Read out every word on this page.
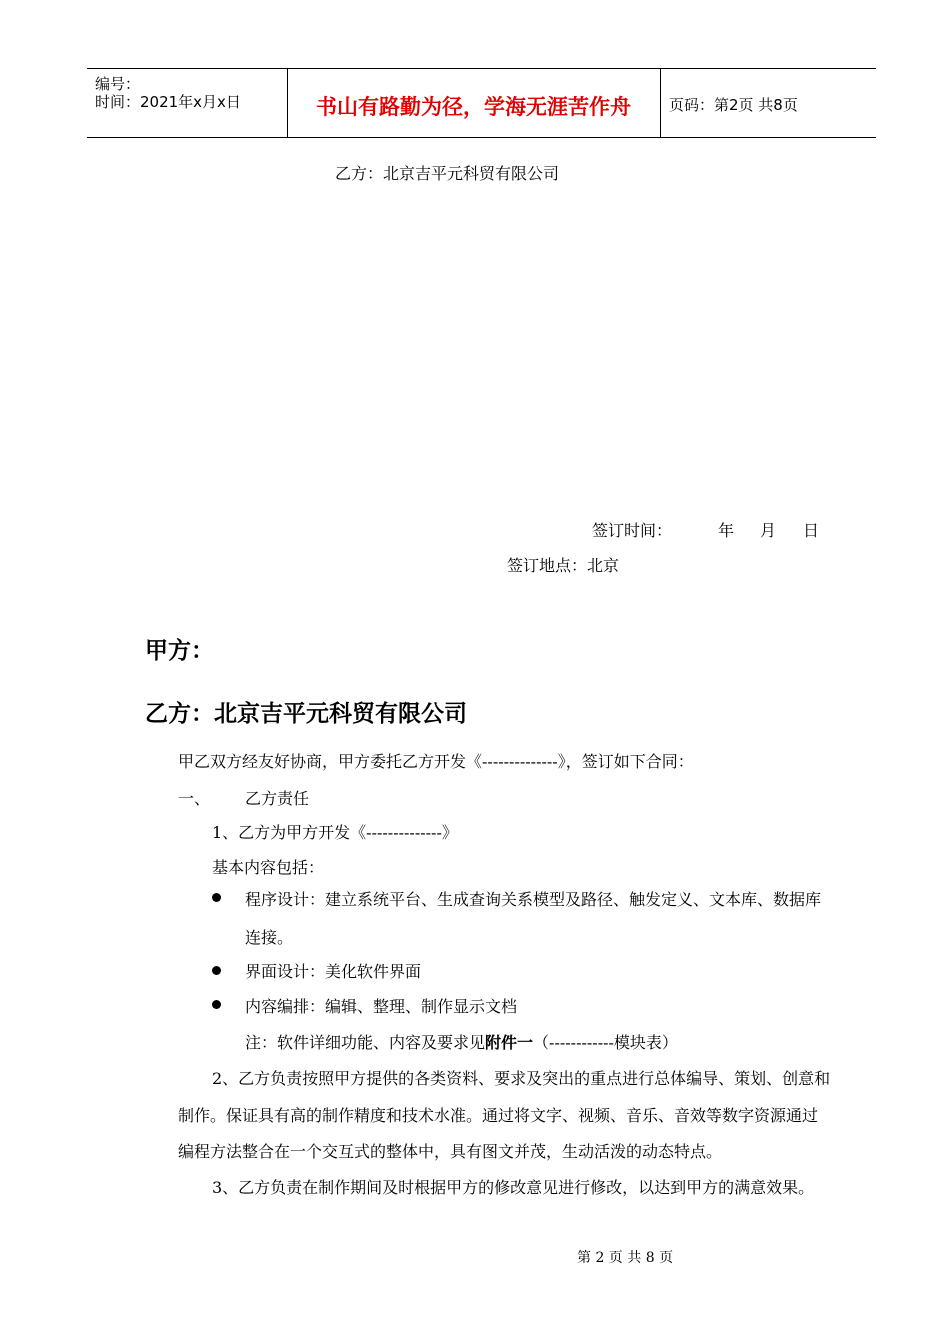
编号：
时间：2021年x月x日	书山有路勤为径，学海无涯苦作舟	页码：第2页 共8页
乙方：北京吉平元科贸有限公司
签订时间：	年 月 日
签订地点：北京
甲方：
乙方：北京吉平元科贸有限公司
甲乙双方经友好协商，甲方委托乙方开发《--------------》，签订如下合同：
一、 乙方责任
1、乙方为甲方开发《--------------》
基本内容包括：
程序设计：建立系统平台、生成查询关系模型及路径、触发定义、文本库、数据库
连接。
界面设计：美化软件界面
内容编排：编辑、整理、制作显示文档
注：软件详细功能、内容及要求见附件一（------------模块表）
2、乙方负责按照甲方提供的各类资料、要求及突出的重点进行总体编导、策划、创意和
制作。保证具有高的制作精度和技术水准。通过将文字、视频、音乐、音效等数字资源通过
编程方法整合在一个交互式的整体中，具有图文并茂，生动活泼的动态特点。
3、乙方负责在制作期间及时根据甲方的修改意见进行修改，以达到甲方的满意效果。
第 2 页 共 8 页
